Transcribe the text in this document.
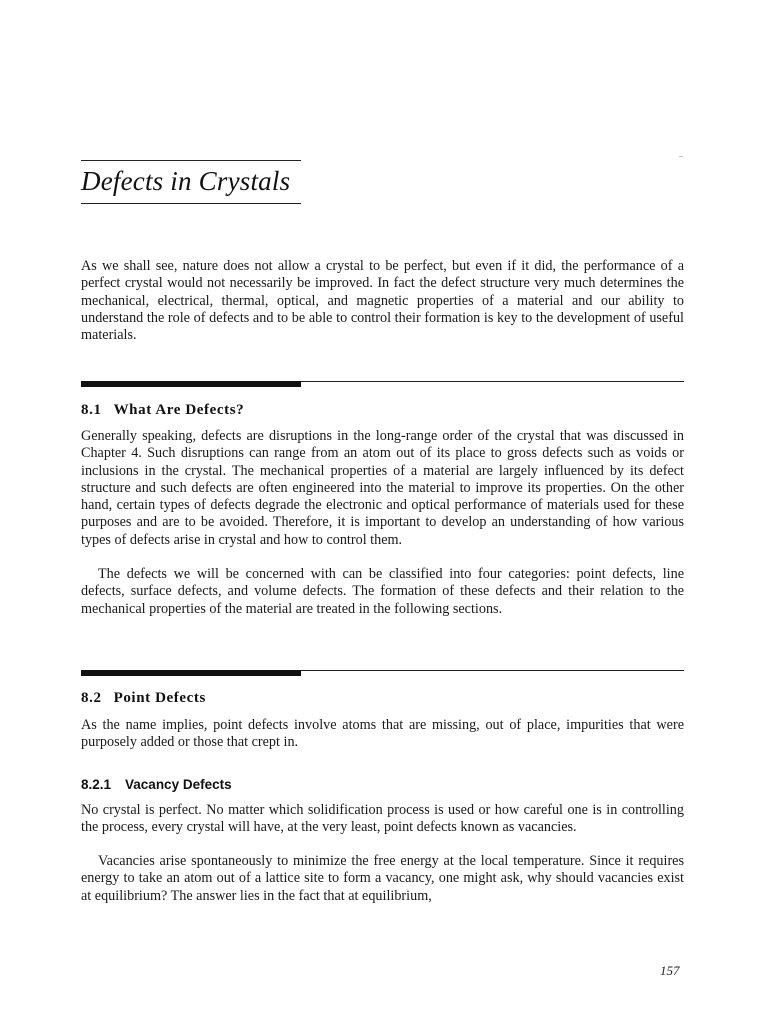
Defects in Crystals
..

As we shall see, nature does not allow a crystal to be perfect, but even if it did, the performance of a perfect crystal would not necessarily be improved. In fact the defect structure very much determines the mechanical, electrical, thermal, optical, and magnetic properties of a material and our ability to understand the role of defects and to be able to control their formation is key to the development of useful materials.

8.1 What Are Defects?

Generally speaking, defects are disruptions in the long-range order of the crystal that was discussed in Chapter 4. Such disruptions can range from an atom out of its place to gross defects such as voids or inclusions in the crystal. The mechanical properties of a material are largely influenced by its defect structure and such defects are often engineered into the material to improve its properties. On the other hand, certain types of defects degrade the electronic and optical performance of materials used for these purposes and are to be avoided. Therefore, it is important to develop an understanding of how various types of defects arise in crystal and how to control them.

The defects we will be concerned with can be classified into four categories: point defects, line defects, surface defects, and volume defects. The formation of these defects and their relation to the mechanical properties of the material are treated in the following sections.

8.2 Point Defects

As the name implies, point defects involve atoms that are missing, out of place, impurities that were purposely added or those that crept in.

8.2.1 Vacancy Defects

No crystal is perfect. No matter which solidification process is used or how careful one is in controlling the process, every crystal will have, at the very least, point defects known as vacancies.

Vacancies arise spontaneously to minimize the free energy at the local temperature. Since it requires energy to take an atom out of a lattice site to form a vacancy, one might ask, why should vacancies exist at equilibrium? The answer lies in the fact that at equilibrium,

157
